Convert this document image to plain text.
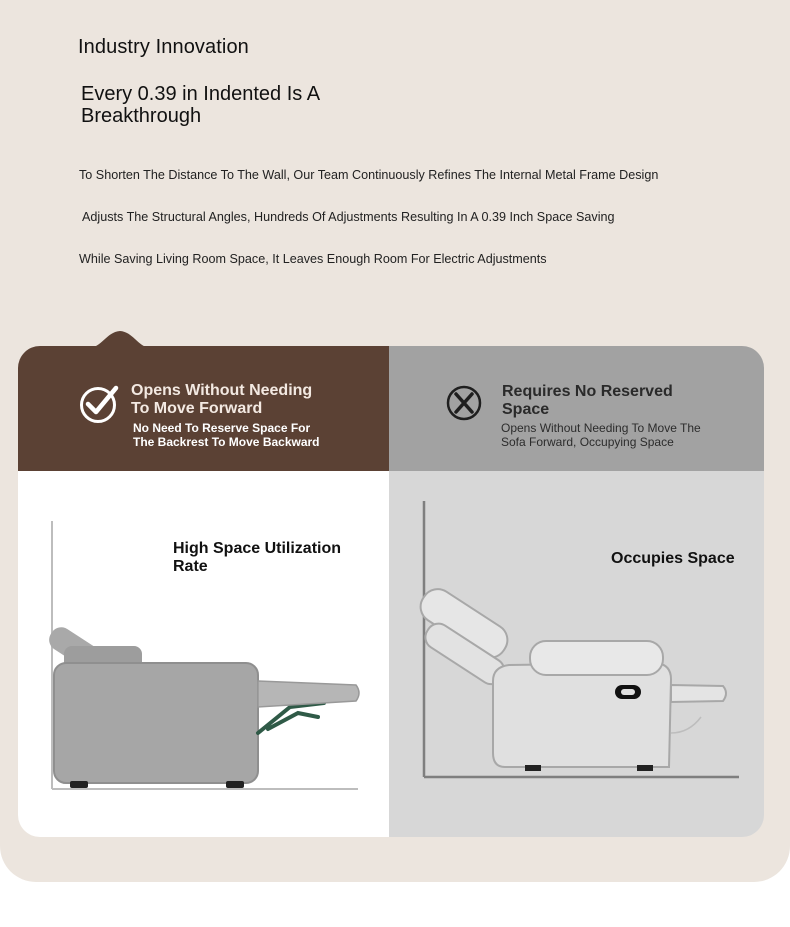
Industry Innovation
Every 0.39 in Indented Is A Breakthrough
To Shorten The Distance To The Wall, Our Team Continuously Refines The Internal Metal Frame Design
Adjusts The Structural Angles, Hundreds Of Adjustments Resulting In A 0.39 Inch Space Saving
While Saving Living Room Space, It Leaves Enough Room For Electric Adjustments
Opens Without Needing To Move Forward
No Need To Reserve Space For The Backrest To Move Backward
Requires No Reserved Space
Opens Without Needing To Move The Sofa Forward, Occupying Space
High Space Utilization Rate	Occupies Space
